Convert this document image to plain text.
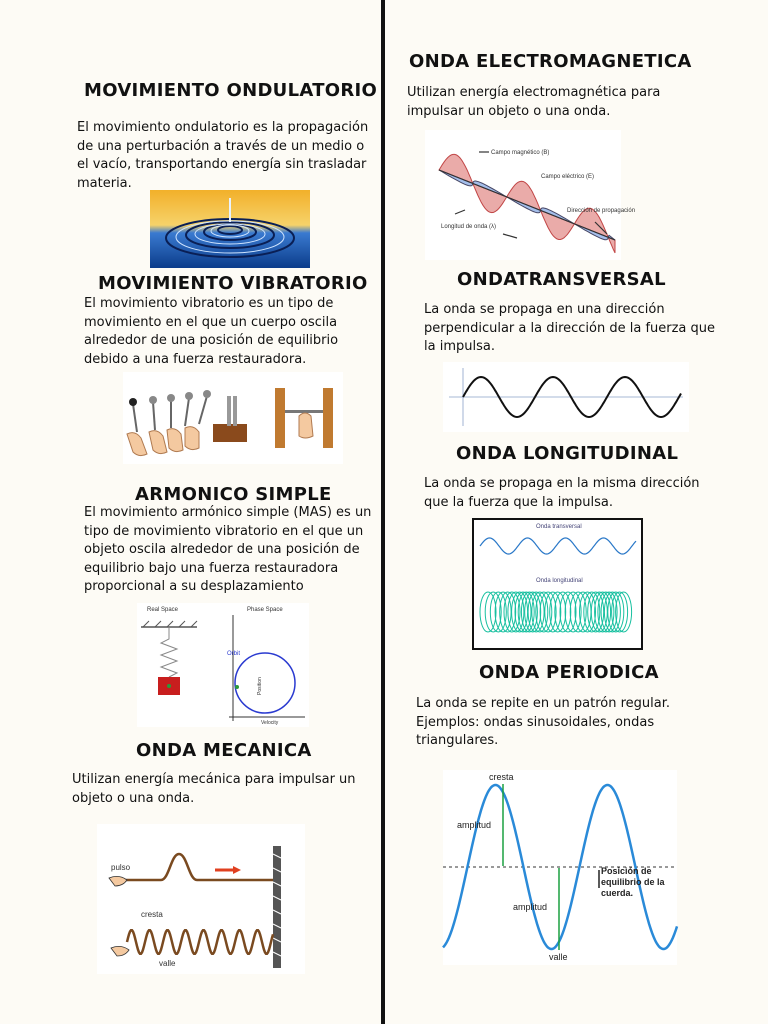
MOVIMIENTO ONDULATORIO
El movimiento ondulatorio es la propagación de una perturbación a través de un medio o el vacío, transportando energía sin trasladar materia.
MOVIMIENTO VIBRATORIO
El movimiento vibratorio es un tipo de movimiento en el que un cuerpo oscila alrededor de una posición de equilibrio debido a una fuerza restauradora.
ARMONICO SIMPLE
El movimiento armónico simple (MAS) es un tipo de movimiento vibratorio en el que un objeto oscila alrededor de una posición de equilibrio bajo una fuerza restauradora proporcional a su desplazamiento
Real Space	Phase Space
Orbit
Position
Velocity
ONDA MECANICA
Utilizan energía mecánica para impulsar un objeto o una onda.
pulso
cresta
valle
ONDA ELECTROMAGNETICA
Utilizan energía electromagnética para impulsar un objeto o una onda.
Campo magnético (B)
Campo eléctrico (E)
Dirección de propagación
Longitud de onda (λ)
ONDATRANSVERSAL
La onda se propaga en una dirección perpendicular a la dirección de la fuerza que la impulsa.
ONDA LONGITUDINAL
La onda se propaga en la misma dirección que la fuerza que la impulsa.
Onda transversal
Onda longitudinal
ONDA PERIODICA
La onda se repite en un patrón regular. Ejemplos: ondas sinusoidales, ondas triangulares.
cresta
amplitud
amplitud
valle
Posición de equilibrio de la cuerda.
